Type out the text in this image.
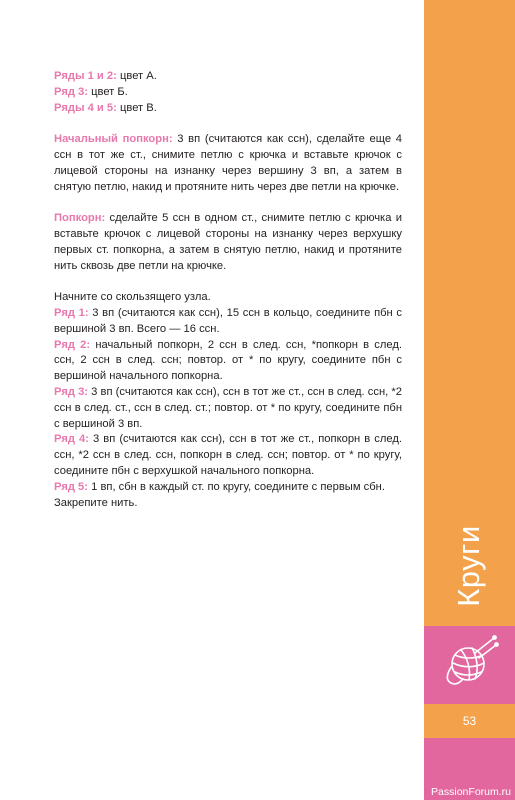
Ряды 1 и 2: цвет А.

Ряд 3: цвет Б.

Ряды 4 и 5: цвет В.

Начальный попкорн: 3 вп (считаются как ссн), сделайте еще 4 ссн в тот же ст., снимите петлю с крючка и вставьте крючок с лицевой стороны на изнанку через вершину 3 вп, а затем в снятую петлю, накид и протяните нить через две петли на крючке.

Попкорн: сделайте 5 ссн в одном ст., снимите петлю с крючка и вставьте крючок с лицевой стороны на изнанку через верхушку первых ст. попкорна, а затем в снятую петлю, накид и протяните нить сквозь две петли на крючке.

Начните со скользящего узла.

Ряд 1: 3 вп (считаются как ссн), 15 ссн в кольцо, соедините пбн с вершиной 3 вп. Всего — 16 ссн.

Ряд 2: начальный попкорн, 2 ссн в след. ссн, *попкорн в след. ссн, 2 ссн в след. ссн; повтор. от * по кругу, соедините пбн с вершиной начального попкорна.

Ряд 3: 3 вп (считаются как ссн), ссн в тот же ст., ссн в след. ссн, *2 ссн в след. ст., ссн в след. ст.; повтор. от * по кругу, соедините пбн с вершиной 3 вп.

Ряд 4: 3 вп (считаются как ссн), ссн в тот же ст., попкорн в след. ссн, *2 ссн в след. ссн, попкорн в след. ссн; повтор. от * по кругу, соедините пбн с верхушкой начального попкорна.

Ряд 5: 1 вп, сбн в каждый ст. по кругу, соедините с первым сбн. Закрепите нить.

Круги
53
PassionForum.ru
